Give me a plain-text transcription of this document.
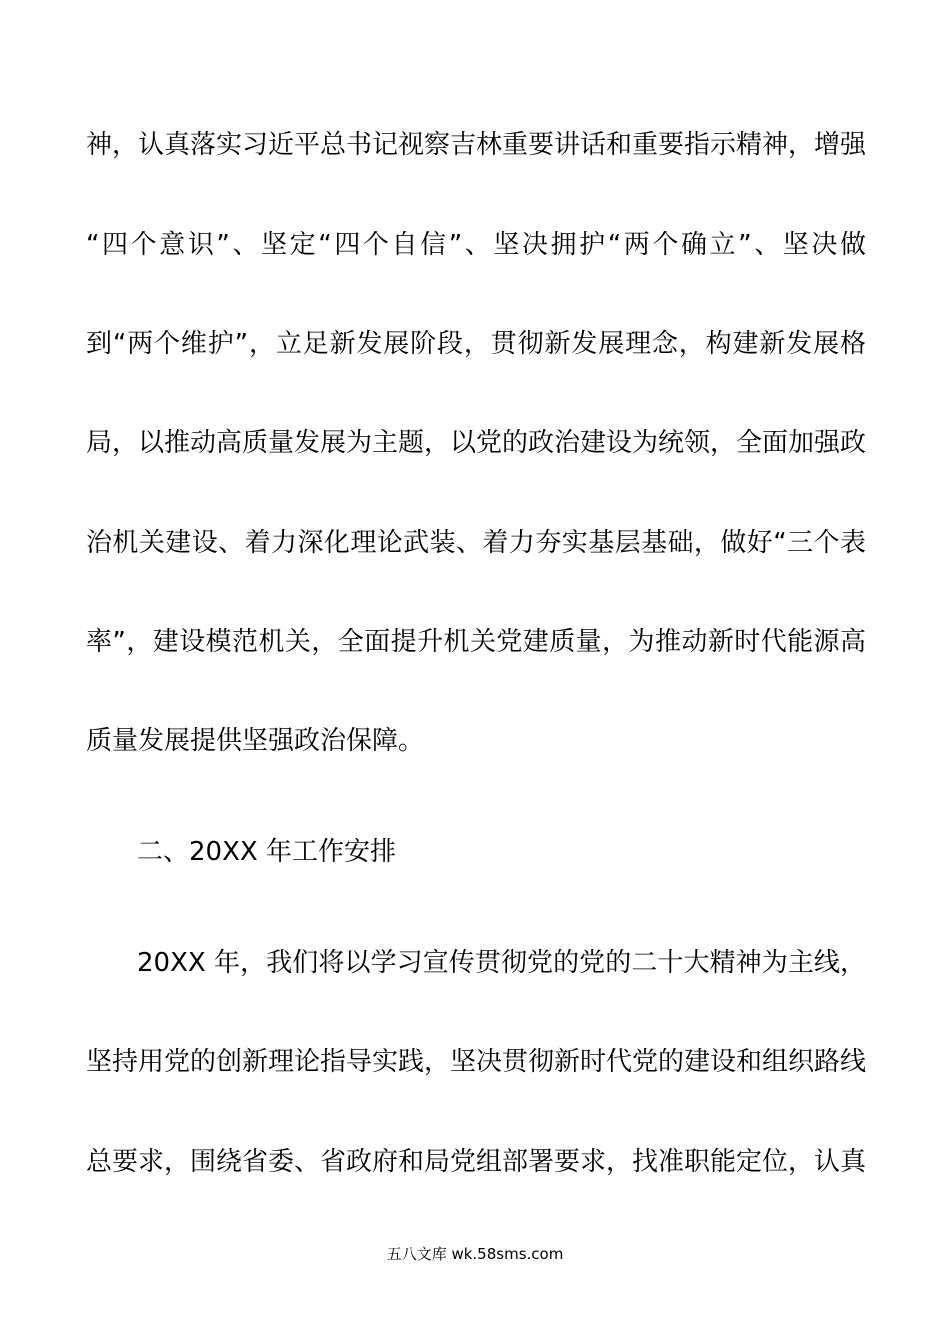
神，认真落实习近平总书记视察吉林重要讲话和重要指示精神，增强
“四个意识”、坚定“四个自信”、坚决拥护“两个确立”、坚决做
到“两个维护”，立足新发展阶段，贯彻新发展理念，构建新发展格
局，以推动高质量发展为主题，以党的政治建设为统领，全面加强政
治机关建设、着力深化理论武装、着力夯实基层基础，做好“三个表
率”，建设模范机关，全面提升机关党建质量，为推动新时代能源高
质量发展提供坚强政治保障。
二、20XX 年工作安排
20XX 年，我们将以学习宣传贯彻党的党的二十大精神为主线，
坚持用党的创新理论指导实践，坚决贯彻新时代党的建设和组织路线
总要求，围绕省委、省政府和局党组部署要求，找准职能定位，认真
五八文库 wk.58sms.com
